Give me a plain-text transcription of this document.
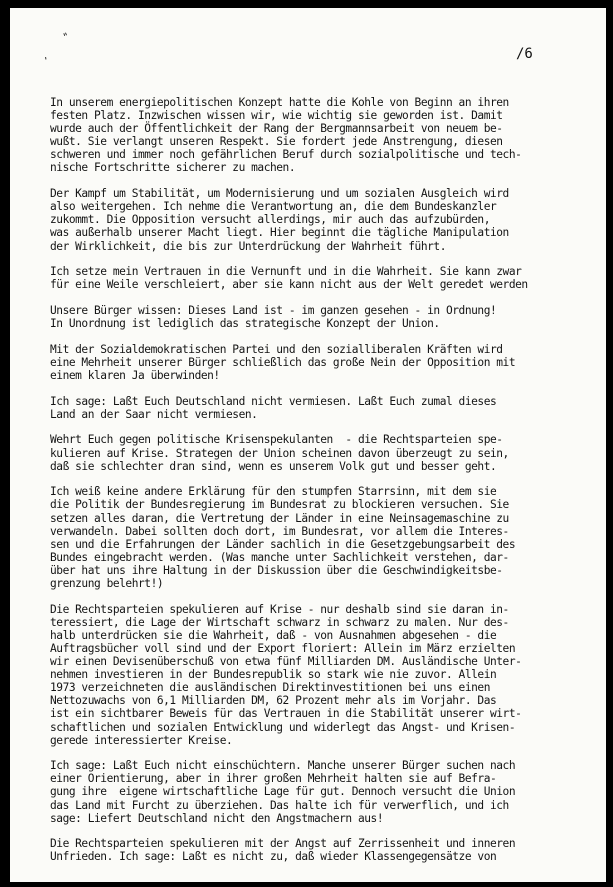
"
’	/6
In unserem energiepolitischen Konzept hatte die Kohle von Beginn an ihren
festen Platz. Inzwischen wissen wir, wie wichtig sie geworden ist. Damit
wurde auch der Öffentlichkeit der Rang der Bergmannsarbeit von neuem be-
wußt. Sie verlangt unseren Respekt. Sie fordert jede Anstrengung, diesen
schweren und immer noch gefährlichen Beruf durch sozialpolitische und tech-
nische Fortschritte sicherer zu machen.
Der Kampf um Stabilität, um Modernisierung und um sozialen Ausgleich wird
also weitergehen. Ich nehme die Verantwortung an, die dem Bundeskanzler
zukommt. Die Opposition versucht allerdings, mir auch das aufzubürden,
was außerhalb unserer Macht liegt. Hier beginnt die tägliche Manipulation
der Wirklichkeit, die bis zur Unterdrückung der Wahrheit führt.
Ich setze mein Vertrauen in die Vernunft und in die Wahrheit. Sie kann zwar
für eine Weile verschleiert, aber sie kann nicht aus der Welt geredet werden
Unsere Bürger wissen: Dieses Land ist - im ganzen gesehen - in Ordnung!
In Unordnung ist lediglich das strategische Konzept der Union.
Mit der Sozialdemokratischen Partei und den sozialliberalen Kräften wird
eine Mehrheit unserer Bürger schließlich das große Nein der Opposition mit
einem klaren Ja überwinden!
Ich sage: Laßt Euch Deutschland nicht vermiesen. Laßt Euch zumal dieses
Land an der Saar nicht vermiesen.
Wehrt Euch gegen politische Krisenspekulanten  - die Rechtsparteien spe-
kulieren auf Krise. Strategen der Union scheinen davon überzeugt zu sein,
daß sie schlechter dran sind, wenn es unserem Volk gut und besser geht.
Ich weiß keine andere Erklärung für den stumpfen Starrsinn, mit dem sie
die Politik der Bundesregierung im Bundesrat zu blockieren versuchen. Sie
setzen alles daran, die Vertretung der Länder in eine Neinsagemaschine zu
verwandeln. Dabei sollten doch dort, im Bundesrat, vor allem die Interes-
sen und die Erfahrungen der Länder sachlich in die Gesetzgebungsarbeit des
Bundes eingebracht werden. (Was manche unter Sachlichkeit verstehen, dar-
über hat uns ihre Haltung in der Diskussion über die Geschwindigkeitsbe-
grenzung belehrt!)
Die Rechtsparteien spekulieren auf Krise - nur deshalb sind sie daran in-
teressiert, die Lage der Wirtschaft schwarz in schwarz zu malen. Nur des-
halb unterdrücken sie die Wahrheit, daß - von Ausnahmen abgesehen - die
Auftragsbücher voll sind und der Export floriert: Allein im März erzielten
wir einen Devisenüberschuß von etwa fünf Milliarden DM. Ausländische Unter-
nehmen investieren in der Bundesrepublik so stark wie nie zuvor. Allein
1973 verzeichneten die ausländischen Direktinvestitionen bei uns einen
Nettozuwachs von 6,1 Milliarden DM, 62 Prozent mehr als im Vorjahr. Das
ist ein sichtbarer Beweis für das Vertrauen in die Stabilität unserer wirt-
schaftlichen und sozialen Entwicklung und widerlegt das Angst- und Krisen-
gerede interessierter Kreise.
Ich sage: Laßt Euch nicht einschüchtern. Manche unserer Bürger suchen nach
einer Orientierung, aber in ihrer großen Mehrheit halten sie auf Befra-
gung ihre  eigene wirtschaftliche Lage für gut. Dennoch versucht die Union
das Land mit Furcht zu überziehen. Das halte ich für verwerflich, und ich
sage: Liefert Deutschland nicht den Angstmachern aus!
Die Rechtsparteien spekulieren mit der Angst auf Zerrissenheit und inneren
Unfrieden. Ich sage: Laßt es nicht zu, daß wieder Klassengegensätze von
